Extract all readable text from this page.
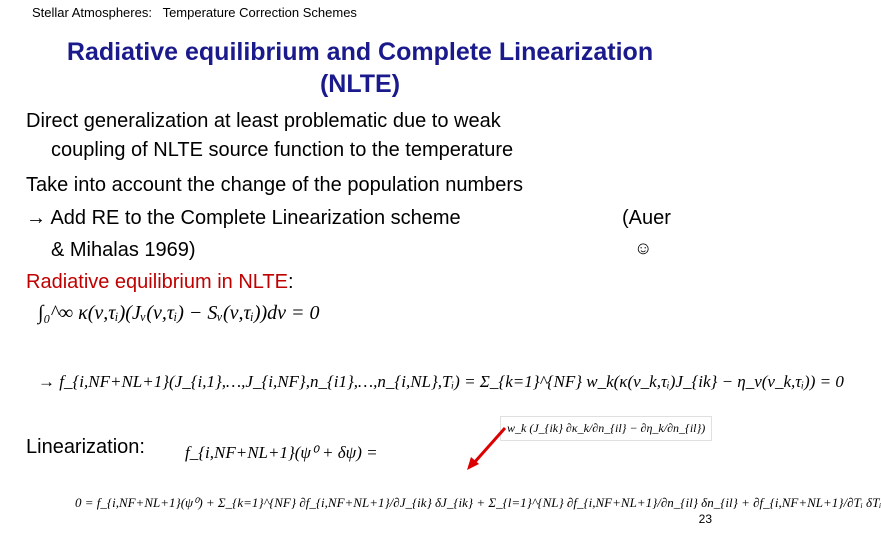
Stellar Atmospheres: Temperature Correction Schemes
Radiative equilibrium and Complete Linearization
(NLTE)
Direct generalization at least problematic due to weak
coupling of NLTE source function to the temperature
Take into account the change of the population numbers
→ Add RE to the Complete Linearization scheme	(Auer
& Mihalas 1969)	☺
Radiative equilibrium in NLTE:
∫₀^∞ κ(ν,τᵢ)(Jᵥ(ν,τᵢ) − Sᵥ(ν,τᵢ))dν = 0
→ f_{i,NF+NL+1}(J_{i,1},…,J_{i,NF},n_{i1},…,n_{i,NL},Tᵢ) = Σ_{k=1}^{NF} w_k(κ(ν_k,τᵢ)J_{ik} − η_ν(ν_k,τᵢ)) = 0
Linearization: f_{i,NF+NL+1}(ψ⁰ + δψ) =
0 = f_{i,NF+NL+1}(ψ⁰) + Σ_{k=1}^{NF} ∂f_{i,NF+NL+1}/∂J_{ik} δJ_{ik} + Σ_{l=1}^{NL} ∂f_{i,NF+NL+1}/∂n_{il} δn_{il} + ∂f_{i,NF+NL+1}/∂Tᵢ δTᵢ
w_k (J_{ik} ∂κ_k/∂n_{il} − ∂η_k/∂n_{il})
23
